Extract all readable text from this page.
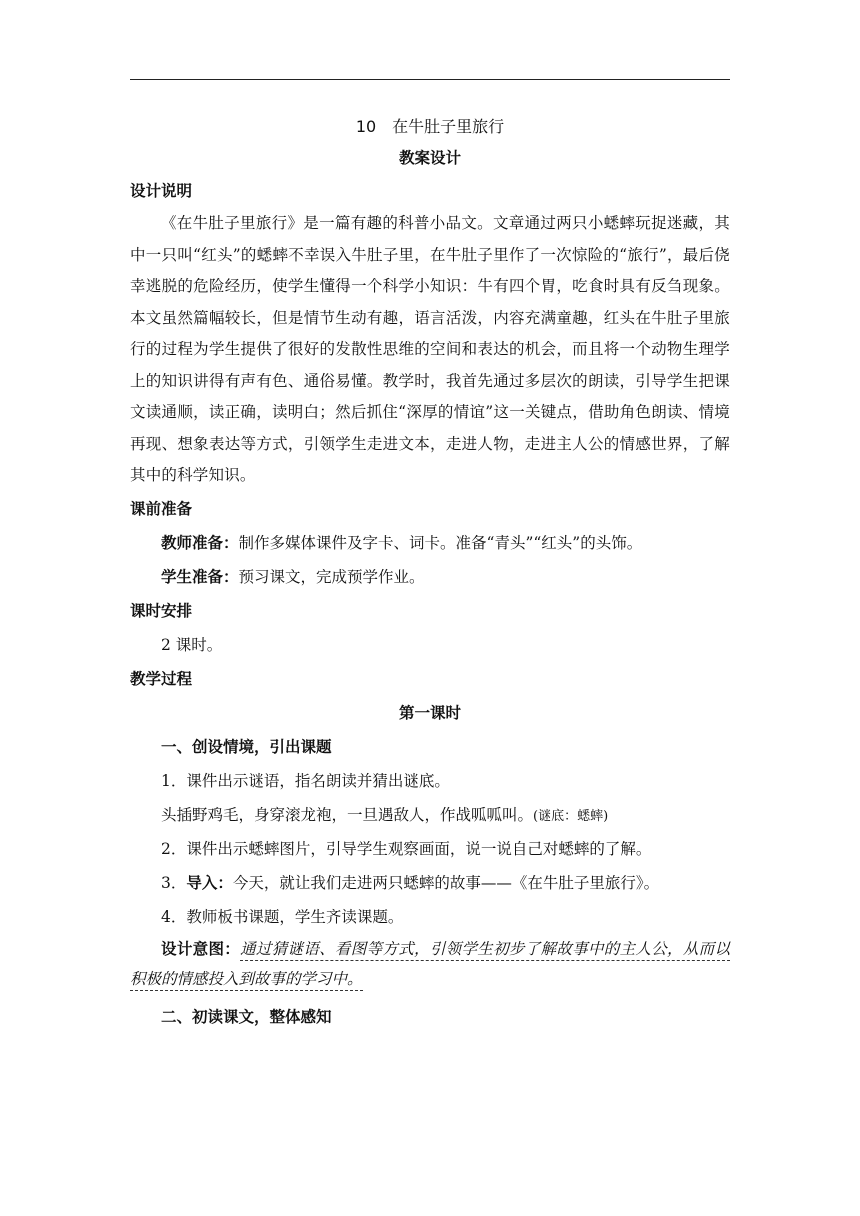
10 在牛肚子里旅行
教案设计
设计说明
《在牛肚子里旅行》是一篇有趣的科普小品文。文章通过两只小蟋蟀玩捉迷藏，其中一只叫“红头”的蟋蟀不幸误入牛肚子里，在牛肚子里作了一次惊险的“旅行”，最后侥幸逃脱的危险经历，使学生懂得一个科学小知识：牛有四个胃，吃食时具有反刍现象。本文虽然篇幅较长，但是情节生动有趣，语言活泼，内容充满童趣，红头在牛肚子里旅行的过程为学生提供了很好的发散性思维的空间和表达的机会，而且将一个动物生理学上的知识讲得有声有色、通俗易懂。教学时，我首先通过多层次的朗读，引导学生把课文读通顺，读正确，读明白；然后抓住“深厚的情谊”这一关键点，借助角色朗读、情境再现、想象表达等方式，引领学生走进文本，走进人物，走进主人公的情感世界，了解其中的科学知识。
课前准备
教师准备：制作多媒体课件及字卡、词卡。准备“青头”“红头”的头饰。
学生准备：预习课文，完成预学作业。
课时安排
2 课时。
教学过程
第一课时
一、创设情境，引出课题
1．课件出示谜语，指名朗读并猜出谜底。
头插野鸡毛，身穿滚龙袍，一旦遇敌人，作战呱呱叫。(谜底：蟋蟀)
2．课件出示蟋蟀图片，引导学生观察画面，说一说自己对蟋蟀的了解。
3．导入：今天，就让我们走进两只蟋蟀的故事——《在牛肚子里旅行》。
4．教师板书课题，学生齐读课题。
设计意图：通过猜谜语、看图等方式，引领学生初步了解故事中的主人公，从而以积极的情感投入到故事的学习中。
二、初读课文，整体感知
